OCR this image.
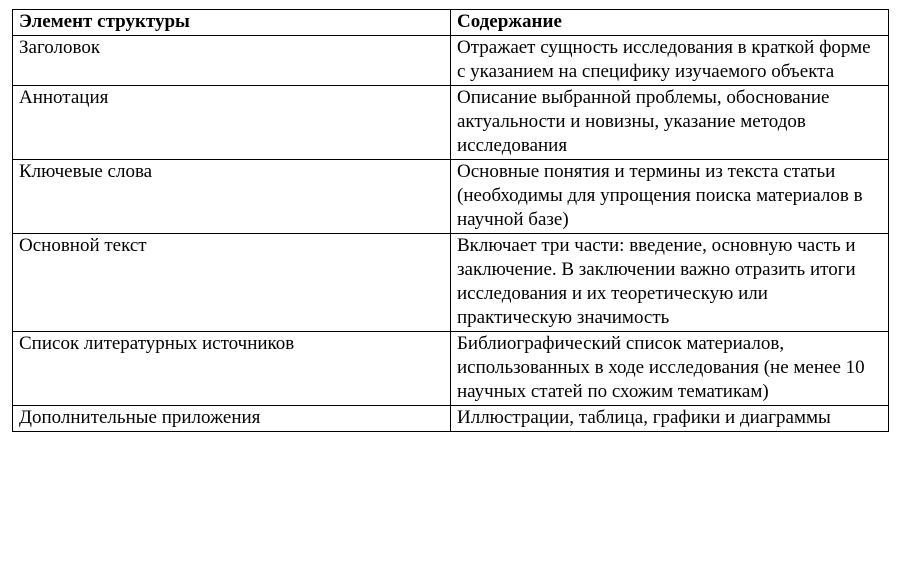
Элемент структуры	Содержание
Заголовок	Отражает сущность исследования в краткой форме с указанием на специфику изучаемого объекта
Аннотация	Описание выбранной проблемы, обоснование актуальности и новизны, указание методов исследования
Ключевые слова	Основные понятия и термины из текста статьи (необходимы для упрощения поиска материалов в научной базе)
Основной текст	Включает три части: введение, основную часть и заключение. В заключении важно отразить итоги исследования и их теоретическую или практическую значимость
Список литературных источников	Библиографический список материалов, использованных в ходе исследования (не менее 10 научных статей по схожим тематикам)
Дополнительные приложения	Иллюстрации, таблица, графики и диаграммы
